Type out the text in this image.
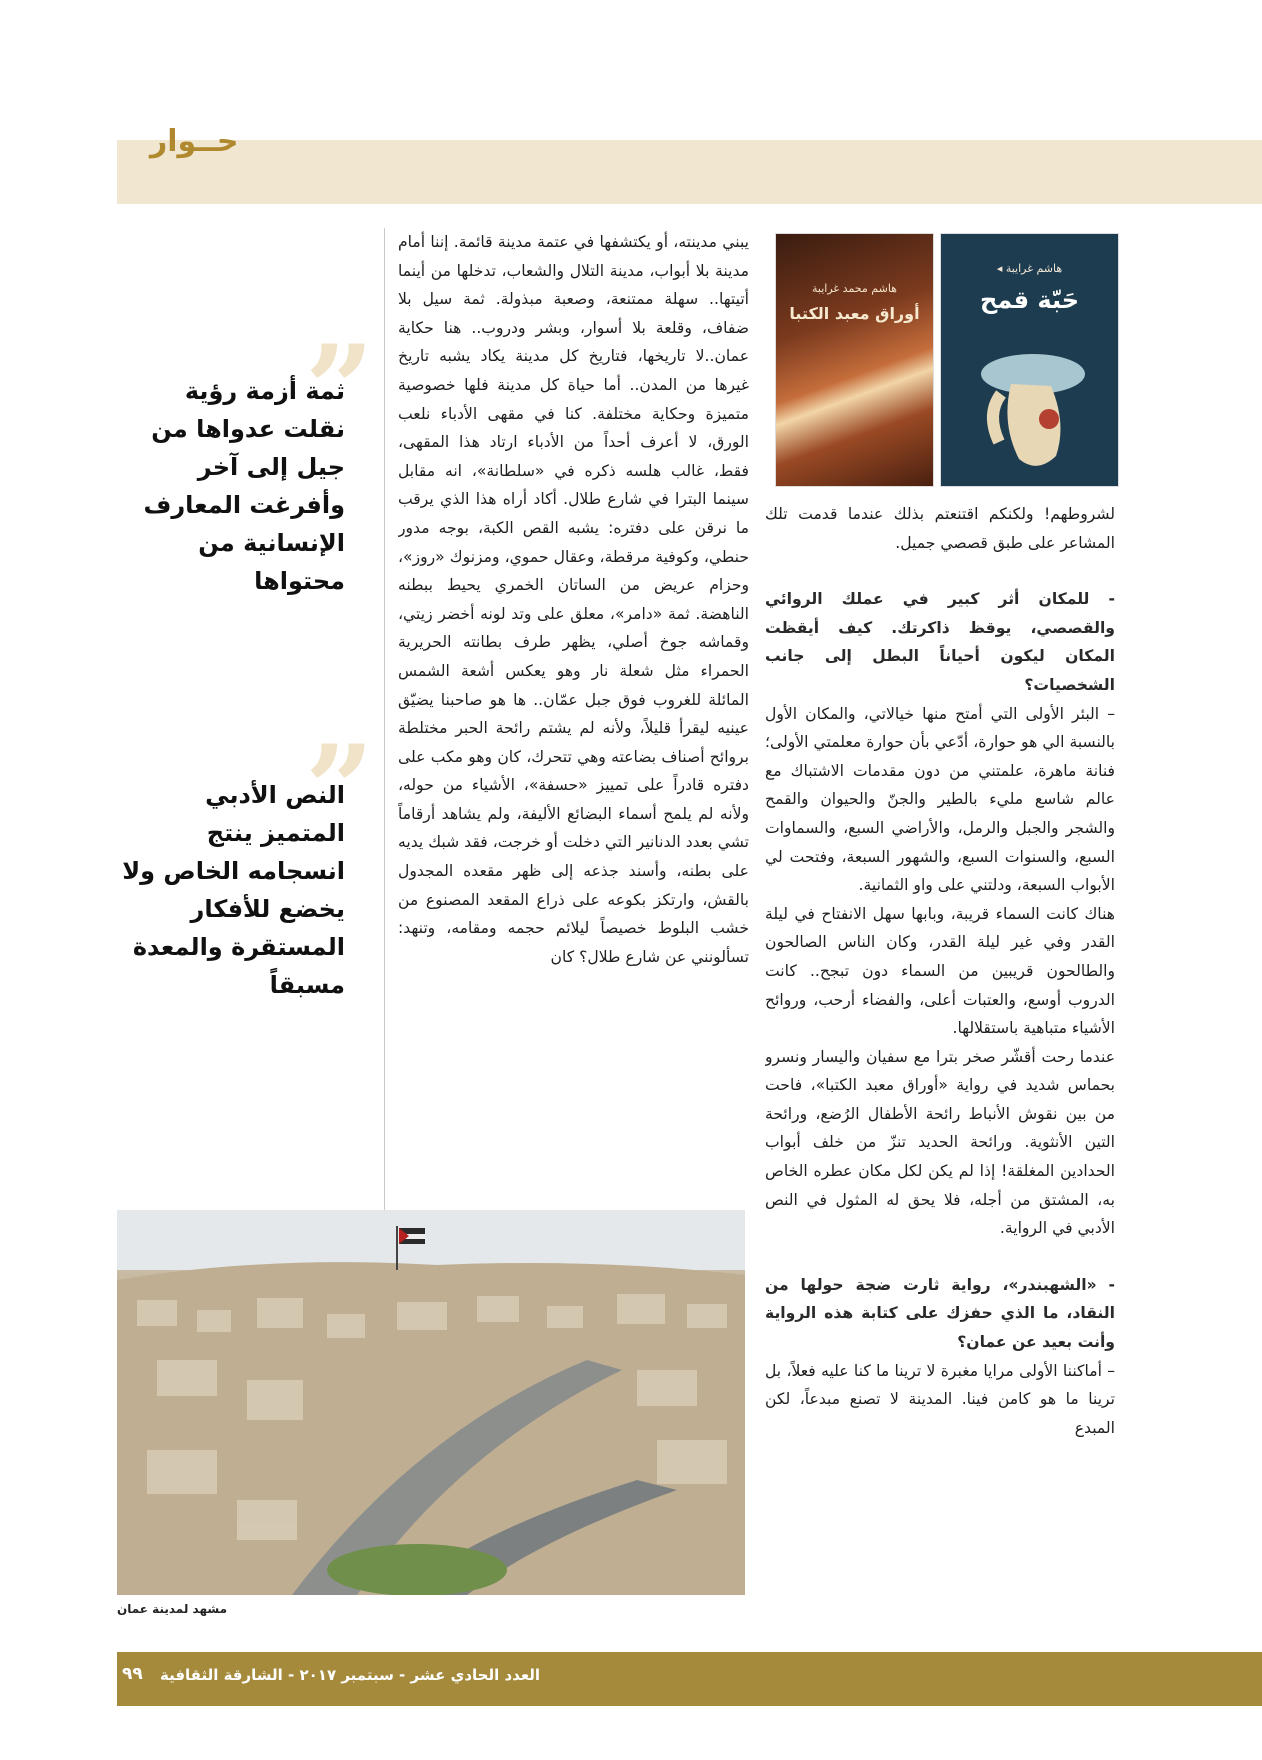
حــوار
هاشم محمد غرايبة
أوراق معبد الكتبا
هاشم غرايبة ◂
حَبّة قمح
”
ثمة أزمة رؤية نقلت عدواها من جيل إلى آخر وأفرغت المعارف الإنسانية من محتواها
”
النص الأدبي المتميز ينتج انسجامه الخاص ولا يخضع للأفكار المستقرة والمعدة مسبقاً

يبني مدينته، أو يكتشفها في عتمة مدينة قائمة. إننا أمام مدينة بلا أبواب، مدينة التلال والشعاب، تدخلها من أينما أتيتها.. سهلة ممتنعة، وصعبة مبذولة. ثمة سيل بلا ضفاف، وقلعة بلا أسوار، وبشر ودروب.. هنا حكاية عمان..لا تاريخها، فتاريخ كل مدينة يكاد يشبه تاريخ غيرها من المدن.. أما حياة كل مدينة فلها خصوصية متميزة وحكاية مختلفة. كنا في مقهى الأدباء نلعب الورق، لا أعرف أحداً من الأدباء ارتاد هذا المقهى، فقط، غالب هلسه ذكره في «سلطانة»، انه مقابل سينما البترا في شارع طلال. أكاد أراه هذا الذي يرقب ما نرقن على دفتره: يشبه القص الكبة، بوجه مدور حنطي، وكوفية مرقطة، وعقال حموي، ومزنوك «روز»، وحزام عريض من الساتان الخمري يحيط ببطنه الناهضة. ثمة «دامر»، معلق على وتد لونه أخضر زيتي، وقماشه جوخ أصلي، يظهر طرف بطانته الحريرية الحمراء مثل شعلة نار وهو يعكس أشعة الشمس المائلة للغروب فوق جبل عمّان.. ها هو صاحبنا يضيّق عينيه ليقرأ قليلاً، ولأنه لم يشتم رائحة الحبر مختلطة بروائح أصناف بضاعته وهي تتحرك، كان وهو مكب على دفتره قادراً على تمييز «حسفة»، الأشياء من حوله، ولأنه لم يلمح أسماء البضائع الأليفة، ولم يشاهد أرقاماً تشي بعدد الدنانير التي دخلت أو خرجت، فقد شبك يديه على بطنه، وأسند جذعه إلى ظهر مقعده المجدول بالقش، وارتكز بكوعه على ذراع المقعد المصنوع من خشب البلوط خصيصاً ليلائم حجمه ومقامه، وتنهد: تسألونني عن شارع طلال؟ كان

لشروطهم! ولكنكم اقتنعتم بذلك عندما قدمت تلك المشاعر على طبق قصصي جميل.

- للمكان أثر كبير في عملك الروائي والقصصي، يوقظ ذاكرتك. كيف أيقظت المكان ليكون أحياناً البطل إلى جانب الشخصيات؟

– البئر الأولى التي أمتح منها خيالاتي، والمكان الأول بالنسبة الي هو حوارة، أدّعي بأن حوارة معلمتي الأولى؛ فنانة ماهرة، علمتني من دون مقدمات الاشتباك مع عالم شاسع مليء بالطير والجنّ والحيوان والقمح والشجر والجبل والرمل، والأراضي السبع، والسماوات السبع، والسنوات السبع، والشهور السبعة، وفتحت لي الأبواب السبعة، ودلتني على واو الثمانية.

هناك كانت السماء قريبة، وبابها سهل الانفتاح في ليلة القدر وفي غير ليلة القدر، وكان الناس الصالحون والطالحون قريبين من السماء دون تبجح.. كانت الدروب أوسع، والعتبات أعلى، والفضاء أرحب، وروائح الأشياء متباهية باستقلالها.

عندما رحت أقشّر صخر بترا مع سفيان واليسار ونسرو بحماس شديد في رواية «أوراق معبد الكتبا»، فاحت من بين نقوش الأنباط رائحة الأطفال الرُضع، ورائحة التين الأنثوية. ورائحة الحديد تنزّ من خلف أبواب الحدادين المغلقة! إذا لم يكن لكل مكان عطره الخاص به، المشتق من أجله، فلا يحق له المثول في النص الأدبي في الرواية.

- «الشهبندر»، رواية ثارت ضجة حولها من النقاد، ما الذي حفزك على كتابة هذه الرواية وأنت بعيد عن عمان؟

– أماكننا الأولى مرايا مغبرة لا ترينا ما كنا عليه فعلاً، بل ترينا ما هو كامن فينا. المدينة لا تصنع مبدعاً، لكن المبدع

مشهد لمدينة عمان
العدد الحادي عشر - سبتمبر ٢٠١٧ - الشارقة الثقافية
٩٩
